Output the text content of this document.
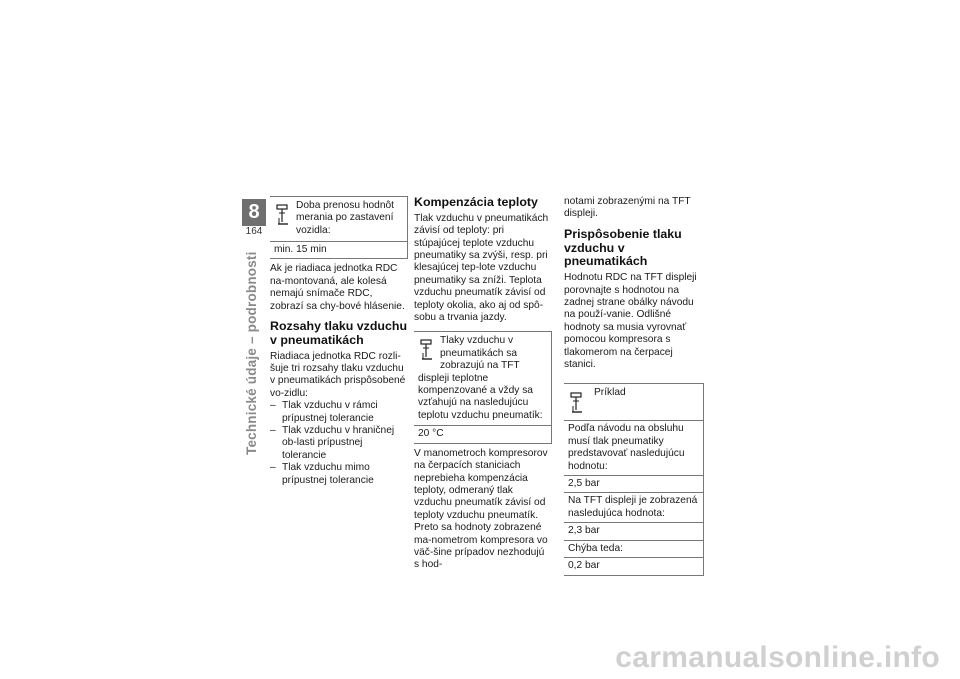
8
164
Technické údaje – podrobnosti
Doba prenosu hodnôt merania po zastavení vozidla:
min. 15 min

Ak je riadiaca jednotka RDC na-montovaná, ale kolesá nemajú snímače RDC, zobrazí sa chy-bové hlásenie.

Rozsahy tlaku vzduchu v pneumatikách

Riadiaca jednotka RDC rozli-šuje tri rozsahy tlaku vzduchu v pneumatikách prispôsobené vo-zidlu:

– Tlak vzduchu v rámci prípustnej tolerancie
– Tlak vzduchu v hraničnej ob-lasti prípustnej tolerancie
– Tlak vzduchu mimo prípustnej tolerancie
Kompenzácia teploty

Tlak vzduchu v pneumatikách závisí od teploty: pri stúpajúcej teplote vzduchu pneumatiky sa zvýši, resp. pri klesajúcej tep-lote vzduchu pneumatiky sa zníži. Teplota vzduchu pneumatík závisí od teploty okolia, ako aj od spô-sobu a trvania jazdy.

Tlaky vzduchu v pneumatikách sa zobrazujú na TFT displeji teplotne kompenzované a vždy sa vzťahujú na nasledujúcu teplotu vzduchu pneumatík:
20 °C

V manometroch kompresorov na čerpacích staniciach neprebieha kompenzácia teploty, odmeraný tlak vzduchu pneumatík závisí od teploty vzduchu pneumatík. Preto sa hodnoty zobrazené ma-nometrom kompresora vo väč-šine prípadov nezhodujú s hod-

notami zobrazenými na TFT displeji.

Prispôsobenie tlaku vzduchu v pneumatikách

Hodnotu RDC na TFT displeji porovnajte s hodnotou na zadnej strane obálky návodu na použí-vanie. Odlišné hodnoty sa musia vyrovnať pomocou kompresora s tlakomerom na čerpacej stanici.

Príklad
Podľa návodu na obsluhu musí tlak pneumatiky predstavovať nasledujúcu hodnotu:
2,5 bar
Na TFT displeji je zobrazená nasledujúca hodnota:
2,3 bar
Chýba teda:
0,2 bar
carmanualsonline.info
